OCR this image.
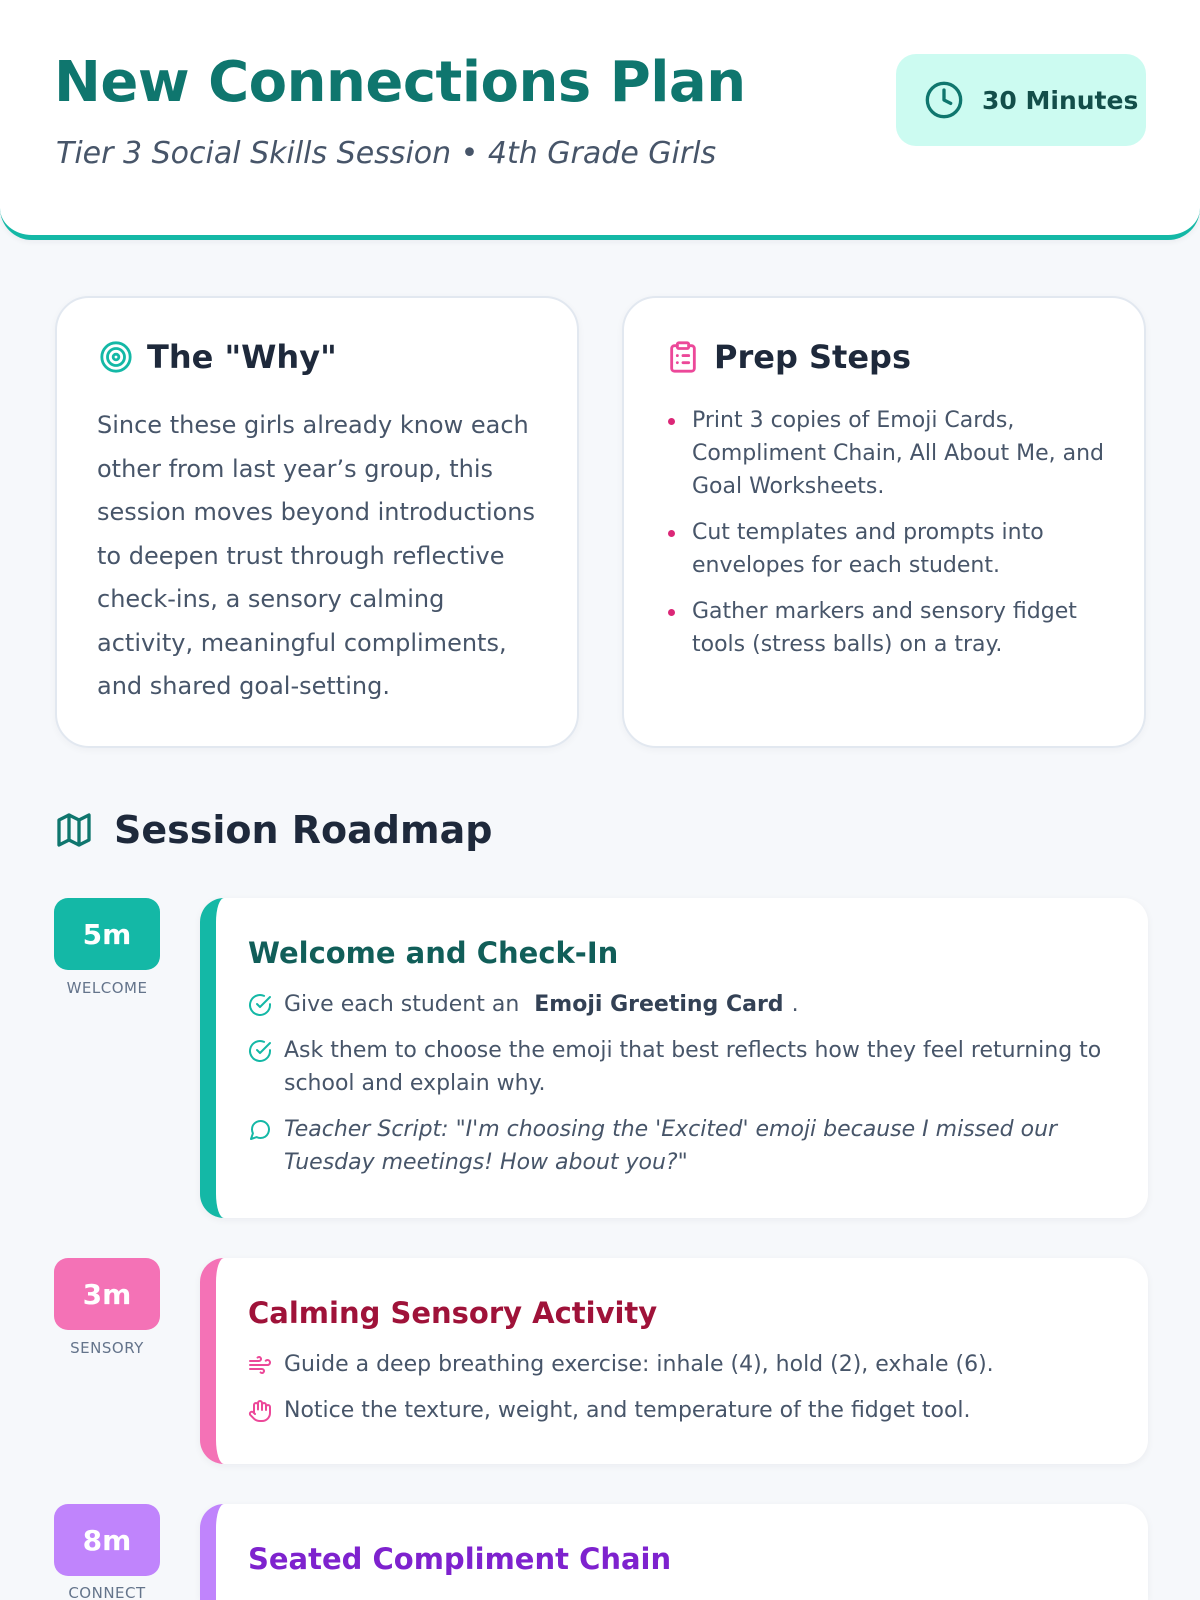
New Connections Plan
Tier 3 Social Skills Session • 4th Grade Girls
30 Minutes
The "Why"

Since these girls already know each other from last year’s group, this session moves beyond introductions to deepen trust through reflective check-ins, a sensory calming activity, meaningful compliments, and shared goal-setting.

Prep Steps
Print 3 copies of Emoji Cards, Compliment Chain, All About Me, and Goal Worksheets.
Cut templates and prompts into envelopes for each student.
Gather markers and sensory fidget tools (stress balls) on a tray.
Session Roadmap
5m
WELCOME
Welcome and Check-In
Give each student an Emoji Greeting Card .
Ask them to choose the emoji that best reflects how they feel returning to school and explain why.
Teacher Script: "I'm choosing the 'Excited' emoji because I missed our Tuesday meetings! How about you?"
3m
SENSORY
Calming Sensory Activity
Guide a deep breathing exercise: inhale (4), hold (2), exhale (6).
Notice the texture, weight, and temperature of the fidget tool.
8m
CONNECT
Seated Compliment Chain
